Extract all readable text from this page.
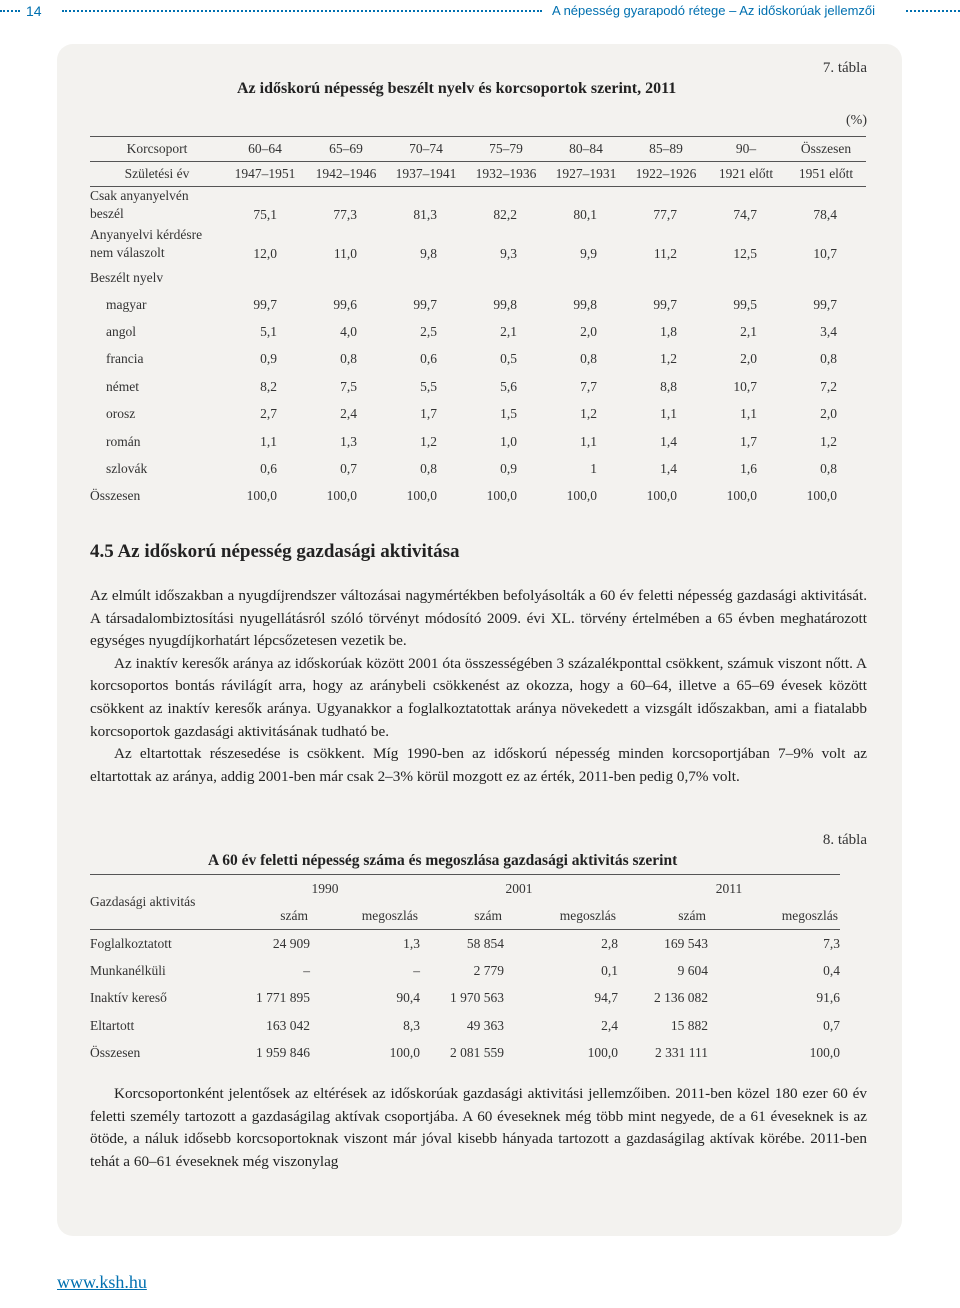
14	A népesség gyarapodó rétege – Az időskorúak jellemzői
7. tábla
Az időskorú népesség beszélt nyelv és korcsoportok szerint, 2011
(%)
Korcsoport	60–64	65–69	70–74	75–79	80–84	85–89	90–	Összesen
Születési év	1947–1951	1942–1946	1937–1941	1932–1936	1927–1931	1922–1926	1921 előtt	1951 előtt
Csak anyanyelvén
beszél	75,1	77,3	81,3	82,2	80,1	77,7	74,7	78,4
Anyanyelvi kérdésre
nem válaszolt	12,0	11,0	9,8	9,3	9,9	11,2	12,5	10,7
Beszélt nyelv								
magyar	99,7	99,6	99,7	99,8	99,8	99,7	99,5	99,7
angol	5,1	4,0	2,5	2,1	2,0	1,8	2,1	3,4
francia	0,9	0,8	0,6	0,5	0,8	1,2	2,0	0,8
német	8,2	7,5	5,5	5,6	7,7	8,8	10,7	7,2
orosz	2,7	2,4	1,7	1,5	1,2	1,1	1,1	2,0
román	1,1	1,3	1,2	1,0	1,1	1,4	1,7	1,2
szlovák	0,6	0,7	0,8	0,9	1	1,4	1,6	0,8
Összesen	100,0	100,0	100,0	100,0	100,0	100,0	100,0	100,0
4.5 Az időskorú népesség gazdasági aktivitása

Az elmúlt időszakban a nyugdíjrendszer változásai nagymértékben befolyásolták a 60 év feletti népesség gazdasági aktivitását. A társadalombiztosítási nyugellátásról szóló törvényt módosító 2009. évi XL. törvény értelmében a 65 évben meghatározott egységes nyugdíjkorhatárt lépcsőzetesen vezetik be.

Az inaktív keresők aránya az időskorúak között 2001 óta összességében 3 százalékponttal csökkent, számuk viszont nőtt. A korcsoportos bontás rávilágít arra, hogy az aránybeli csökkenést az okozza, hogy a 60–64, illetve a 65–69 évesek között csökkent az inaktív keresők aránya. Ugyanakkor a foglalkoztatottak aránya növekedett a vizsgált időszakban, ami a fiatalabb korcsoportok gazdasági aktivitásának tudható be.

Az eltartottak részesedése is csökkent. Míg 1990-ben az időskorú népesség minden korcsoportjában 7–9% volt az eltartottak az aránya, addig 2001-ben már csak 2–3% körül mozgott ez az érték, 2011-ben pedig 0,7% volt.

8. tábla
A 60 év feletti népesség száma és megoszlása gazdasági aktivitás szerint
Gazdasági aktivitás	1990		2001		2011	
	szám	megoszlás	szám	megoszlás	szám	megoszlás
Foglalkoztatott	24 909	1,3	58 854	2,8	169 543	7,3
Munkanélküli	–	–	2 779	0,1	9 604	0,4
Inaktív kereső	1 771 895	90,4	1 970 563	94,7	2 136 082	91,6
Eltartott	163 042	8,3	49 363	2,4	15 882	0,7
Összesen	1 959 846	100,0	2 081 559	100,0	2 331 111	100,0

Korcsoportonként jelentősek az eltérések az időskorúak gazdasági aktivitási jellemzőiben. 2011-ben közel 180 ezer 60 év feletti személy tartozott a gazdaságilag aktívak csoportjába. A 60 éveseknek még több mint negyede, de a 61 éveseknek is az ötöde, a náluk idősebb korcsoportoknak viszont már jóval kisebb hányada tartozott a gazdaságilag aktívak körébe. 2011-ben tehát a 60–61 éveseknek még viszonylag

www.ksh.hu
